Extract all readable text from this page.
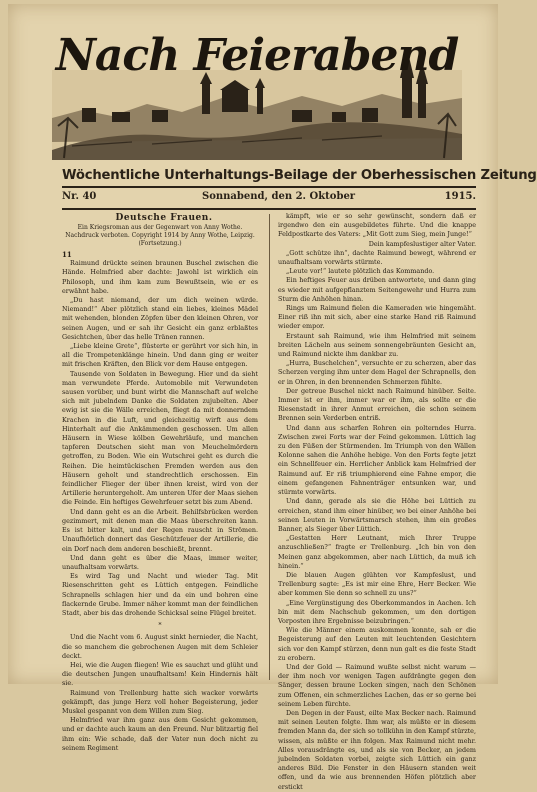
Nach Feierabend
Wöchentliche Unterhaltungs-Beilage der Oberhessischen Zeitung
Nr. 40	Sonnabend, den 2. Oktober	1915.

Deutsche Frauen.

Ein Kriegsroman aus der Gegenwart von Anny Wothe.

Nachdruck verboten. Copyright 1914 by Anny Wothe, Leipzig.

(Fortsetzung.)

11

Raimund drückte seinen braunen Buschel zwischen die Hände. Helmfried aber dachte: Jawohl ist wirklich ein Philosoph, und ihm kam zum Bewußtsein, wie er es erwähnt habe.

„Du hast niemand, der um dich weinen würde. Niemand!“ Aber plötzlich stand ein liebes, kleines Mädel mit wehenden, blonden Zöpfen über den kleinen Ohren, vor seinen Augen, und er sah ihr Gesicht ein ganz erblaßtes Gesichtchen, über das helle Tränen rannen.

„Liebe kleine Grete“, flüsterte er gerührt vor sich hin, in all die Trompetenklänge hinein. Und dann ging er weiter mit frischen Kräften, den Blick vor dem Hause entgegen.

Tausende von Soldaten in Bewegung. Hier und da sieht man verwundete Pferde. Automobile mit Verwundeten sausen vorüber, und bunt wirbt die Mannschaft auf welche sich mit jubelndem Danke die Soldaten zujubelten. Aber ewig ist sie die Wälle erreichen, fliegt da mit donnerndem Krachen in die Luft, und gleichzeitig wirft aus dem Hinterhalt auf die Ankämmenden geschossen. Um allen Häusern in Wiese kölben Gewehrläufe, und manchen tapferen Deutschen sieht man von Meuchelmördern getroffen, zu Boden. Wie ein Wutschrei geht es durch die Reihen. Die heimtückischen Fremden werden aus den Häusern geholt und standrechtlich erschossen. Ein feindlicher Flieger der über ihnen kreist, wird von der Artillerie heruntergeholt. Am unteren Ufer der Maas siehen die Feinde. Ein heftiges Gewehrfeuer setzt bis zum Abend.

Und dann geht es an die Arbeit. Behilfsbrücken werden gezimmert, mit denen man die Maas überschreiten kann. Es ist bitter kalt, und der Regen rauscht in Strömen. Unaufhörlich donnert das Geschützfeuer der Artillerie, die ein Dorf nach dem anderen beschießt, brennt.

Und dann geht es über die Maas, immer weiter, unaufhaltsam vorwärts.

Es wird Tag und Nacht und wieder Tag. Mit Riesenschritten geht es Lüttich entgegen. Feindliche Schrapnells schlagen hier und da ein und bohren eine flackernde Grube. Immer näher kommt man der feindlichen Stadt, aber bis das drohende Schicksal seine Flügel breitet.

*

Und die Nacht vom 6. August sinkt hernieder, die Nacht, die so manchem die gebrochenen Augen mit dem Schleier deckt.

Hei, wie die Augen fliegen! Wie es sauchzt und glüht und die deutschen Jungen unaufhaltsam! Kein Hindernis hält sie.

Raimund von Trellenburg hatte sich wacker vorwärts gekämpft, das junge Herz voll hoher Begeisterung, jeder Muskel gespannt von dem Willen zum Sieg.

Helmfried war ihm ganz aus dem Gesicht gekommen, und er dachte auch kaum an den Freund. Nur blitzartig fiel ihm ein: Wie schade, daß der Vater nun doch nicht zu seinem Regiment

kämpft, wie er so sehr gewünscht, sondern daß er irgendwo den ein ausgebildetes führte. Und die knappe Feldpostkarte des Vaters: „Mit Gott zum Sieg, mein Junge!“

Dein kampfeslustiger alter Vater.

„Gott schütze ihn“, dachte Raimund bewegt, während er unaufhaltsam vorwärts stürmte.

„Leute vor!“ lautete plötzlich das Kommando.

Ein heftiges Feuer aus drüben antwortete, und dann ging es wieder mit aufgepflanztem Seitengewehr und Hurra zum Sturm die Anhöhen hinan.

Rings um Raimund fielen die Kameraden wie hingemäht. Einer riß ihn mit sich, aber eine starke Hand riß Raimund wieder empor.

Erstaunt sah Raimund, wie ihm Helmfried mit seinem breiten Lächeln aus seinem sonnengebräunten Gesicht an, und Raimund nickte ihm dankbar zu.

„Hurra, Buschelchen“, versuchte er zu scherzen, aber das Scherzen verging ihm unter dem Hagel der Schrapnells, den er in Ohren, in den brennenden Schmerzen fühlte.

Der getreue Buschel nickt nach Raimund hinüber. Seite. Immer ist er ihm, immer war er ihm, als sollte er die Riesenstadt in ihrer Anmut erreichen, die schon seinem Brennen sein Verderben entriß.

Und dann aus scharfen Rohren ein polterndes Hurra. Zwischen zwei Forts war der Feind gekommen. Lüttich lag zu den Füßen der Stürmenden. Im Triumph von den Wällen Kolonne sahen die Anhöhe hebige. Von den Forts fegte jetzt ein Schnellfeuer ein. Herrlicher Anblick kam Helmfried der Raimund auf. Er riß triumphierend eine Fahne empor, die einem gefangenen Fahnenträger entsunken war, und stürmte vorwärts.

Und dann, gerade als sie die Höhe bei Lüttich zu erreichen, stand ihm einer hinüber, wo bei einer Anhöhe bei seinen Leuten in Vorwärtsmarsch stehen, ihm ein großes Banner, als Sieger über Lüttich.

„Gestatten Herr Leutnant, mich Ihrer Truppe anzuschließen?“ fragte er Trellenburg. „Ich bin von den Meinen ganz abgekommen, aber nach Lüttich, da muß ich hinein.“

Die blauen Augen glühten vor Kampfeslust, und Trellenburg sagte: „Es ist mir eine Ehre, Herr Becker. Wie aber kommen Sie denn so schnell zu uns?“

„Eine Vergünstigung des Oberkommandos in Aachen. Ich bin mit dem Nachschub gekommen, um den dortigen Vorposten ihre Ergebnisse beizubringen.“

Wie die Männer einem auskommen konnte, sah er die Begeisterung auf den Leuten mit leuchtenden Gesichtern sich vor den Kampf stürzen, denn nun galt es die feste Stadt zu erobern.

Und der Gold — Raimund wußte selbst nicht warum — der ihm noch vor wenigen Tagen aufdrängte gegen den Sänger, dessen braune Locken singen, nach den Schönen zum Offenen, ein schmerzliches Lachen, das er so gerne bei seinem Leben fürchte.

Den Degen in der Faust, eilte Max Becker nach. Raimund mit seinen Leuten folgte. Ihm war, als müßte er in diesem fremden Mann da, der sich so tollkühn in den Kampf stürzte, wissen, als müßte er ihn folgen. Max Raimund nicht mehr. Alles vorausdrängte es, und als sie von Becker, an jedem jubelnden Soldaten vorbei, zeigte sich Lüttich ein ganz anderes Bild. Die Fenster in den Häusern standen weit offen, und da wie aus brennenden Höfen plötzlich aber erstickt
